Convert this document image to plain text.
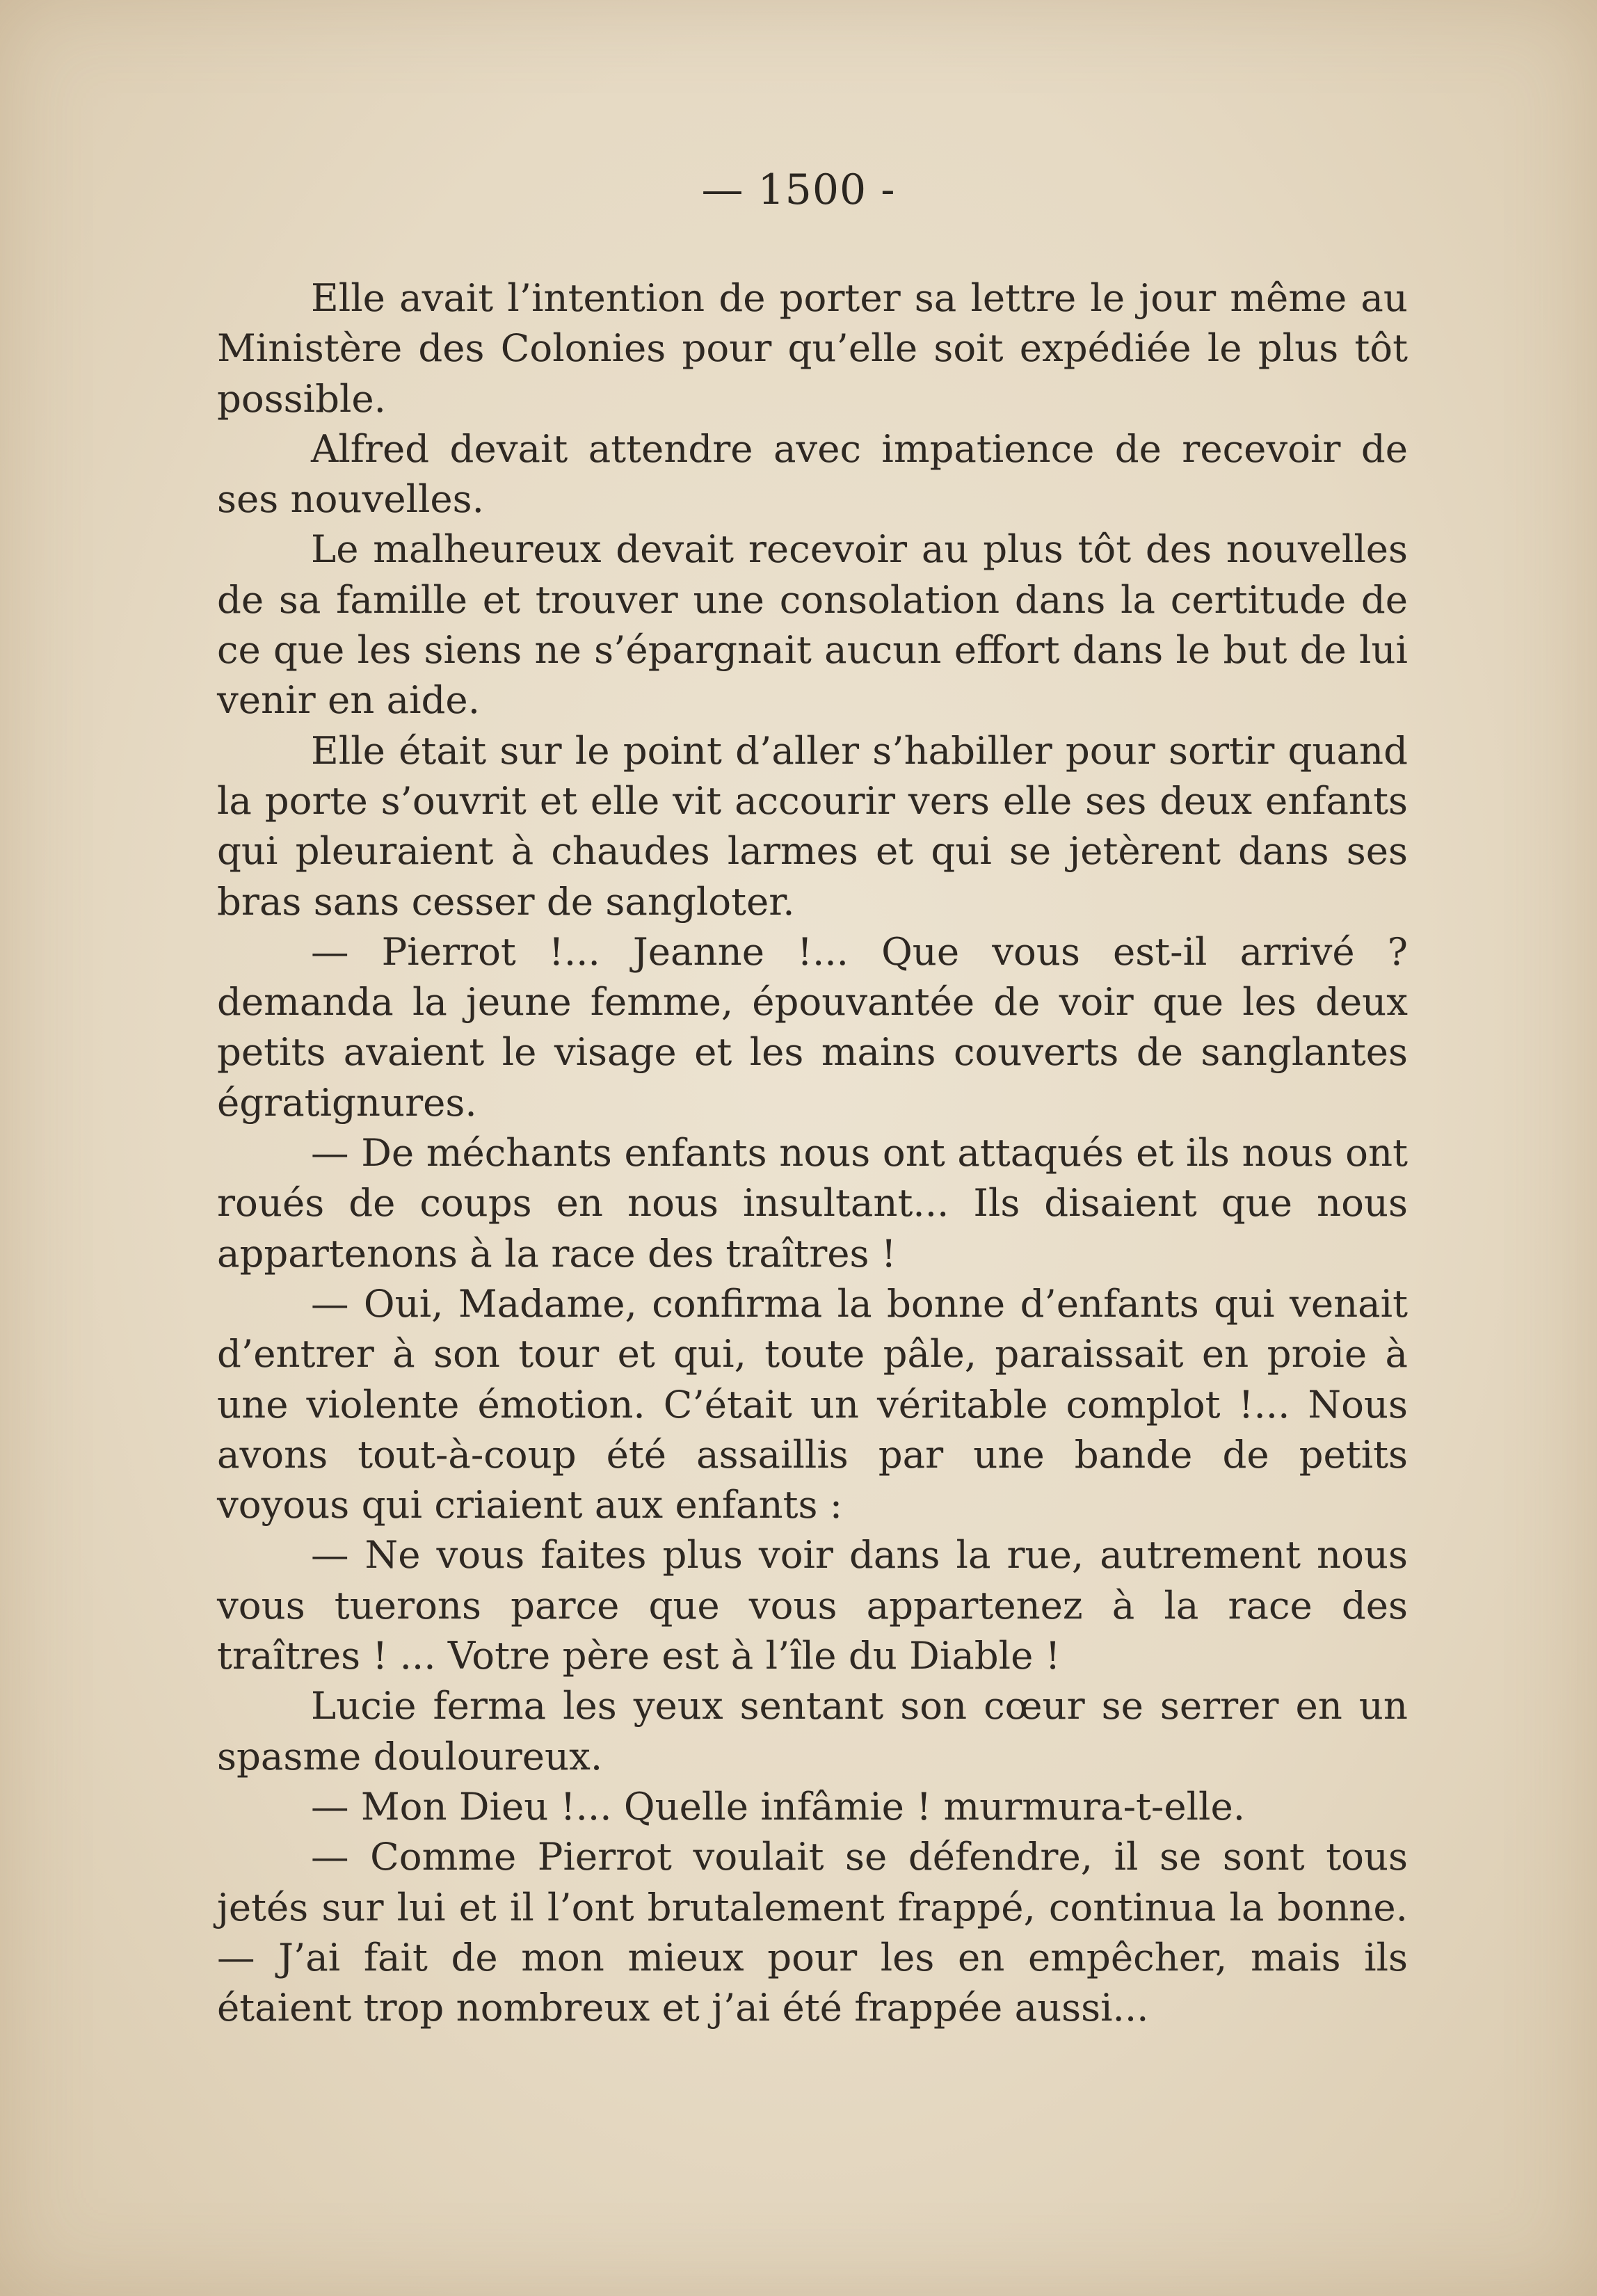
— 1500 -

Elle avait l’intention de porter sa lettre le jour même au Ministère des Colonies pour qu’elle soit expédiée le plus tôt possible.

Alfred devait attendre avec impatience de recevoir de ses nouvelles.

Le malheureux devait recevoir au plus tôt des nouvelles de sa famille et trouver une consolation dans la certitude de ce que les siens ne s’épargnait aucun effort dans le but de lui venir en aide.

Elle était sur le point d’aller s’habiller pour sortir quand la porte s’ouvrit et elle vit accourir vers elle ses deux enfants qui pleuraient à chaudes larmes et qui se jetèrent dans ses bras sans cesser de sangloter.

— Pierrot !... Jeanne !... Que vous est-il arrivé ? demanda la jeune femme, épouvantée de voir que les deux petits avaient le visage et les mains couverts de sanglantes égratignures.

— De méchants enfants nous ont attaqués et ils nous ont roués de coups en nous insultant... Ils disaient que nous appartenons à la race des traîtres !

— Oui, Madame, confirma la bonne d’enfants qui venait d’entrer à son tour et qui, toute pâle, paraissait en proie à une violente émotion. C’était un véritable complot !... Nous avons tout-à-coup été assaillis par une bande de petits voyous qui criaient aux enfants :

— Ne vous faites plus voir dans la rue, autrement nous vous tuerons parce que vous appartenez à la race des traîtres ! ... Votre père est à l’île du Diable !

Lucie ferma les yeux sentant son cœur se serrer en un spasme douloureux.

— Mon Dieu !... Quelle infâmie ! murmura-t-elle.

— Comme Pierrot voulait se défendre, il se sont tous jetés sur lui et il l’ont brutalement frappé, continua la bonne. — J’ai fait de mon mieux pour les en empêcher, mais ils étaient trop nombreux et j’ai été frappée aussi...
